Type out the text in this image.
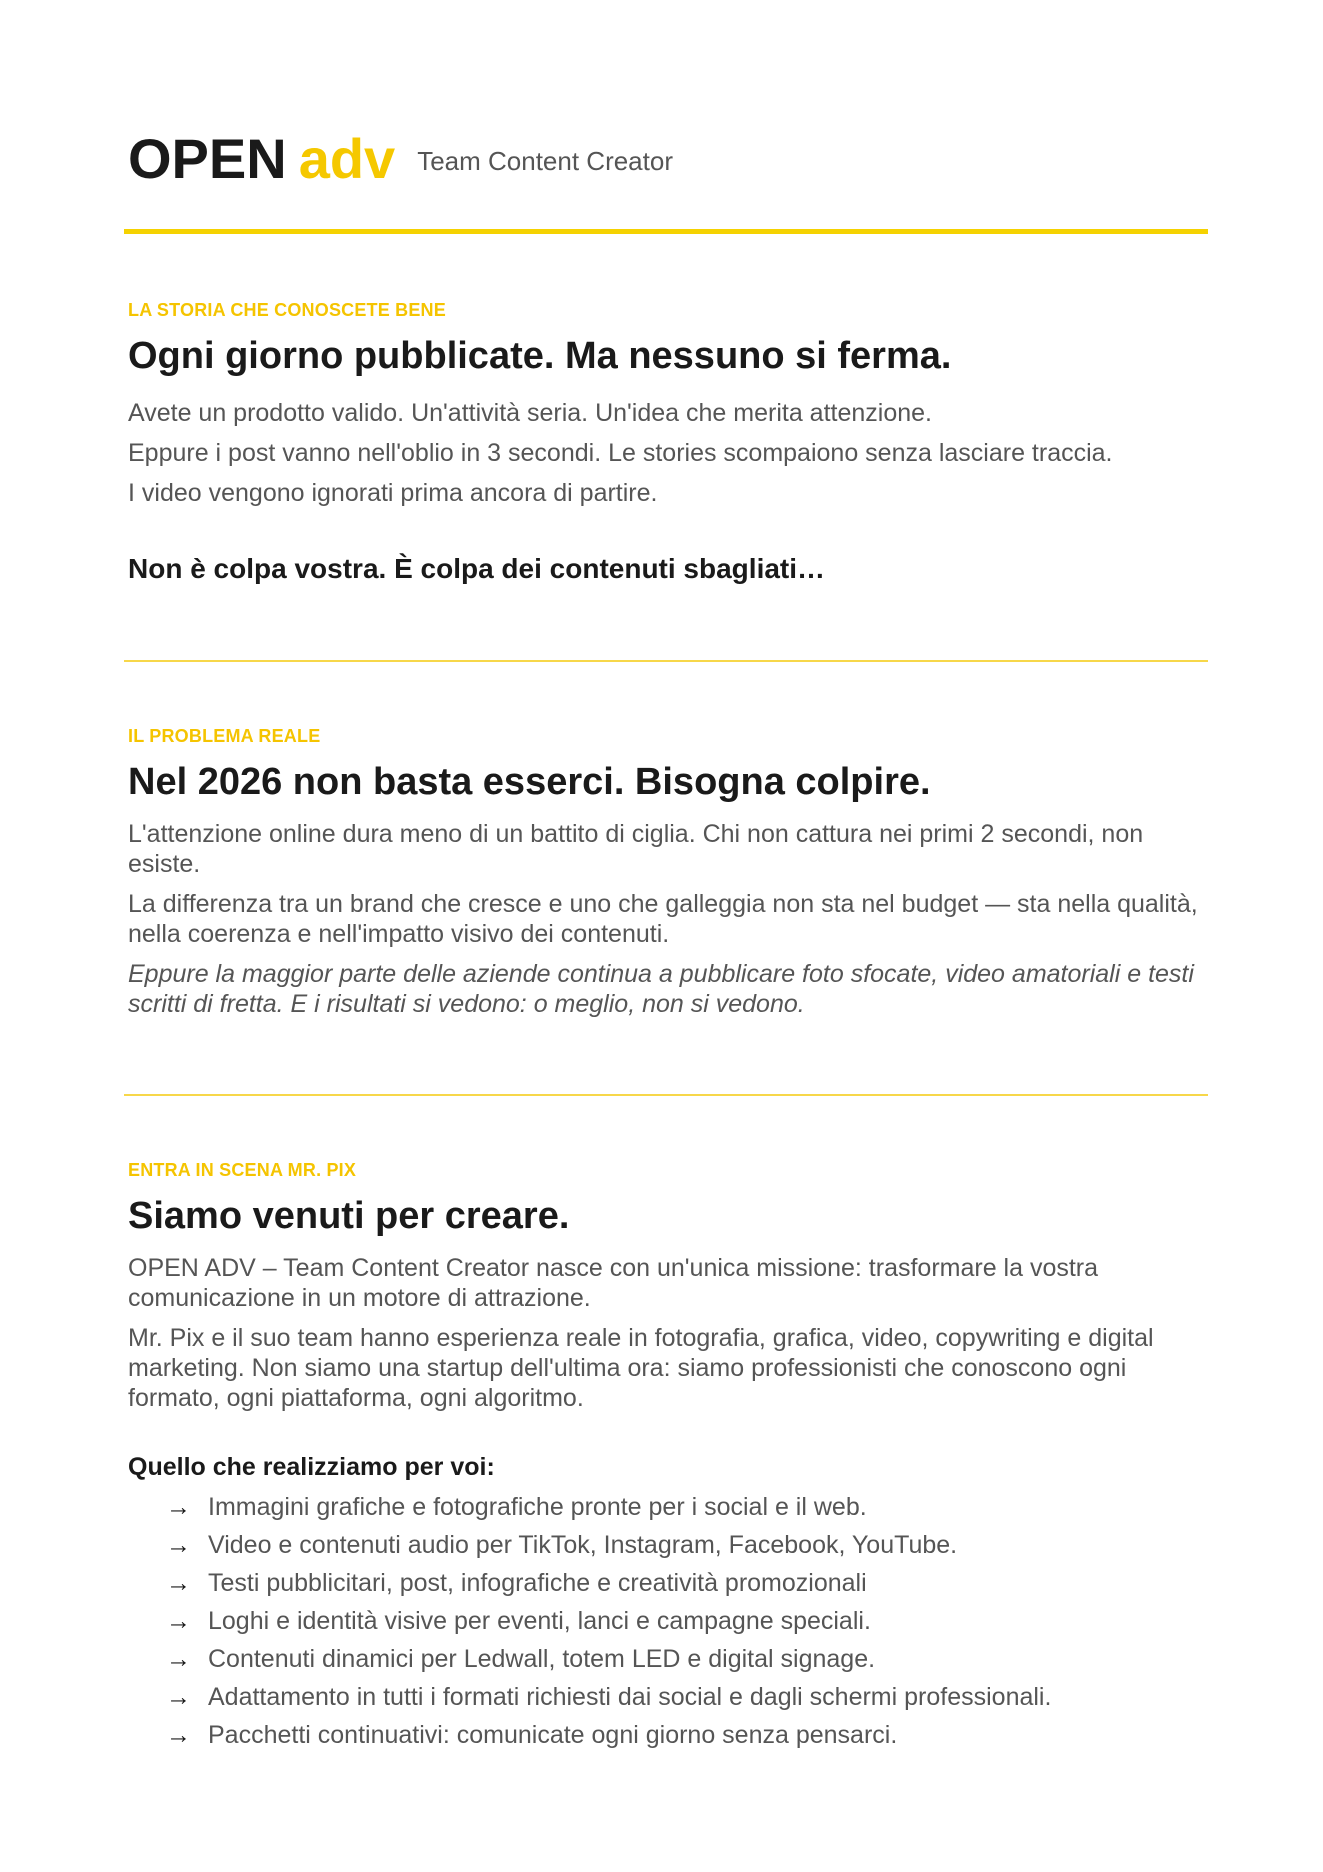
OPEN adv Team Content Creator

LA STORIA CHE CONOSCETE BENE

Ogni giorno pubblicate. Ma nessuno si ferma.

Avete un prodotto valido. Un'attività seria. Un'idea che merita attenzione.

Eppure i post vanno nell'oblio in 3 secondi. Le stories scompaiono senza lasciare traccia.

I video vengono ignorati prima ancora di partire.

Non è colpa vostra. È colpa dei contenuti sbagliati…

IL PROBLEMA REALE

Nel 2026 non basta esserci. Bisogna colpire.

L'attenzione online dura meno di un battito di ciglia. Chi non cattura nei primi 2 secondi, non esiste.

La differenza tra un brand che cresce e uno che galleggia non sta nel budget — sta nella qualità, nella coerenza e nell'impatto visivo dei contenuti.

Eppure la maggior parte delle aziende continua a pubblicare foto sfocate, video amatoriali e testi scritti di fretta. E i risultati si vedono: o meglio, non si vedono.

ENTRA IN SCENA MR. PIX

Siamo venuti per creare.

OPEN ADV – Team Content Creator nasce con un'unica missione: trasformare la vostra comunicazione in un motore di attrazione.

Mr. Pix e il suo team hanno esperienza reale in fotografia, grafica, video, copywriting e digital marketing. Non siamo una startup dell'ultima ora: siamo professionisti che conoscono ogni formato, ogni piattaforma, ogni algoritmo.

Quello che realizziamo per voi:

→ Immagini grafiche e fotografiche pronte per i social e il web.
→ Video e contenuti audio per TikTok, Instagram, Facebook, YouTube.
→ Testi pubblicitari, post, infografiche e creatività promozionali
→ Loghi e identità visive per eventi, lanci e campagne speciali.
→ Contenuti dinamici per Ledwall, totem LED e digital signage.
→ Adattamento in tutti i formati richiesti dai social e dagli schermi professionali.
→ Pacchetti continuativi: comunicate ogni giorno senza pensarci.
